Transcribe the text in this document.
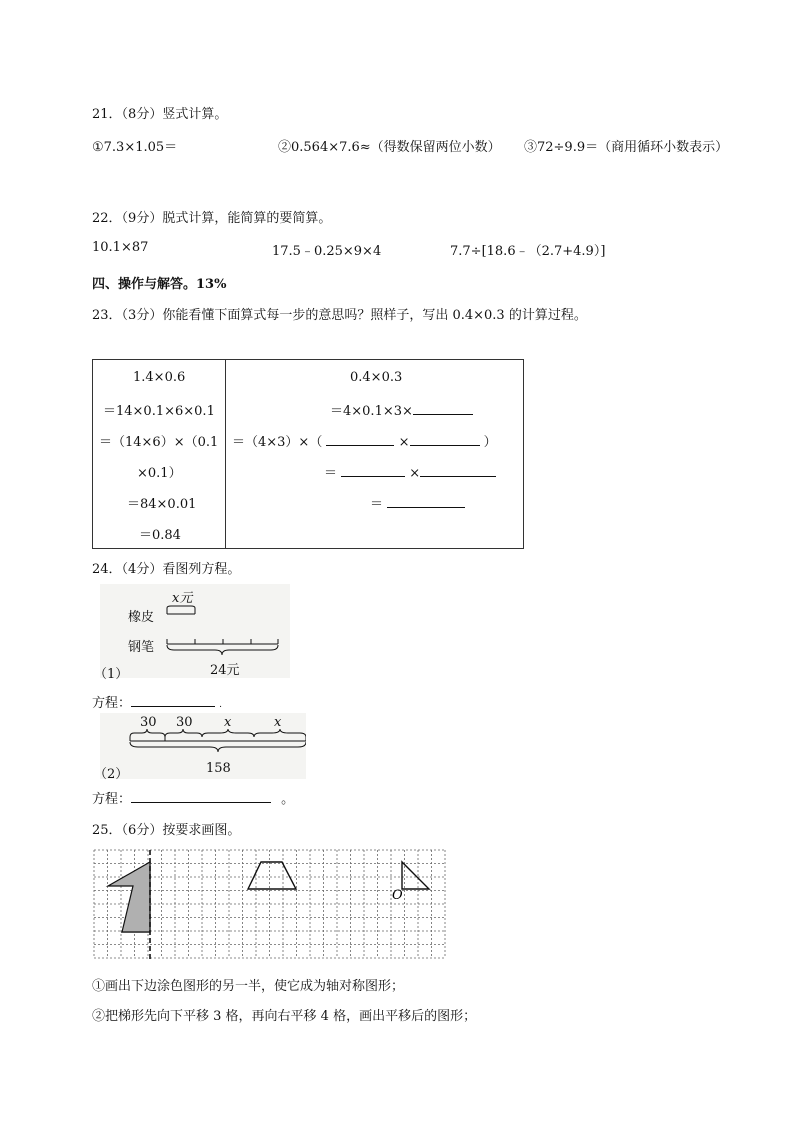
21．（8分）竖式计算。
①7.3×1.05＝	②0.564×7.6≈（得数保留两位小数） ③72÷9.9＝（商用循环小数表示）
22．（9分）脱式计算，能简算的要简算。
10.1×87	17.5﹣0.25×9×4	7.7÷[18.6﹣（2.7+4.9）]
四、操作与解答。13%
23．（3分）你能看懂下面算式每一步的意思吗？照样子，写出 0.4×0.3 的计算过程。
1.4×0.6
＝14×0.1×6×0.1
＝（14×6）×（0.1
×0.1）
＝84×0.01
＝0.84

0.4×0.3
＝4×0.1×3×
＝（4×3）×（	×	）
＝	×
＝
24．（4分）看图列方程。
x元
橡皮
钢笔
24元
（1）
方程：	.
30 30 x	x
158
（2）
方程：	。
25．（6分）按要求画图。
O
①画出下边涂色图形的另一半，使它成为轴对称图形；
②把梯形先向下平移 3 格，再向右平移 4 格，画出平移后的图形；
